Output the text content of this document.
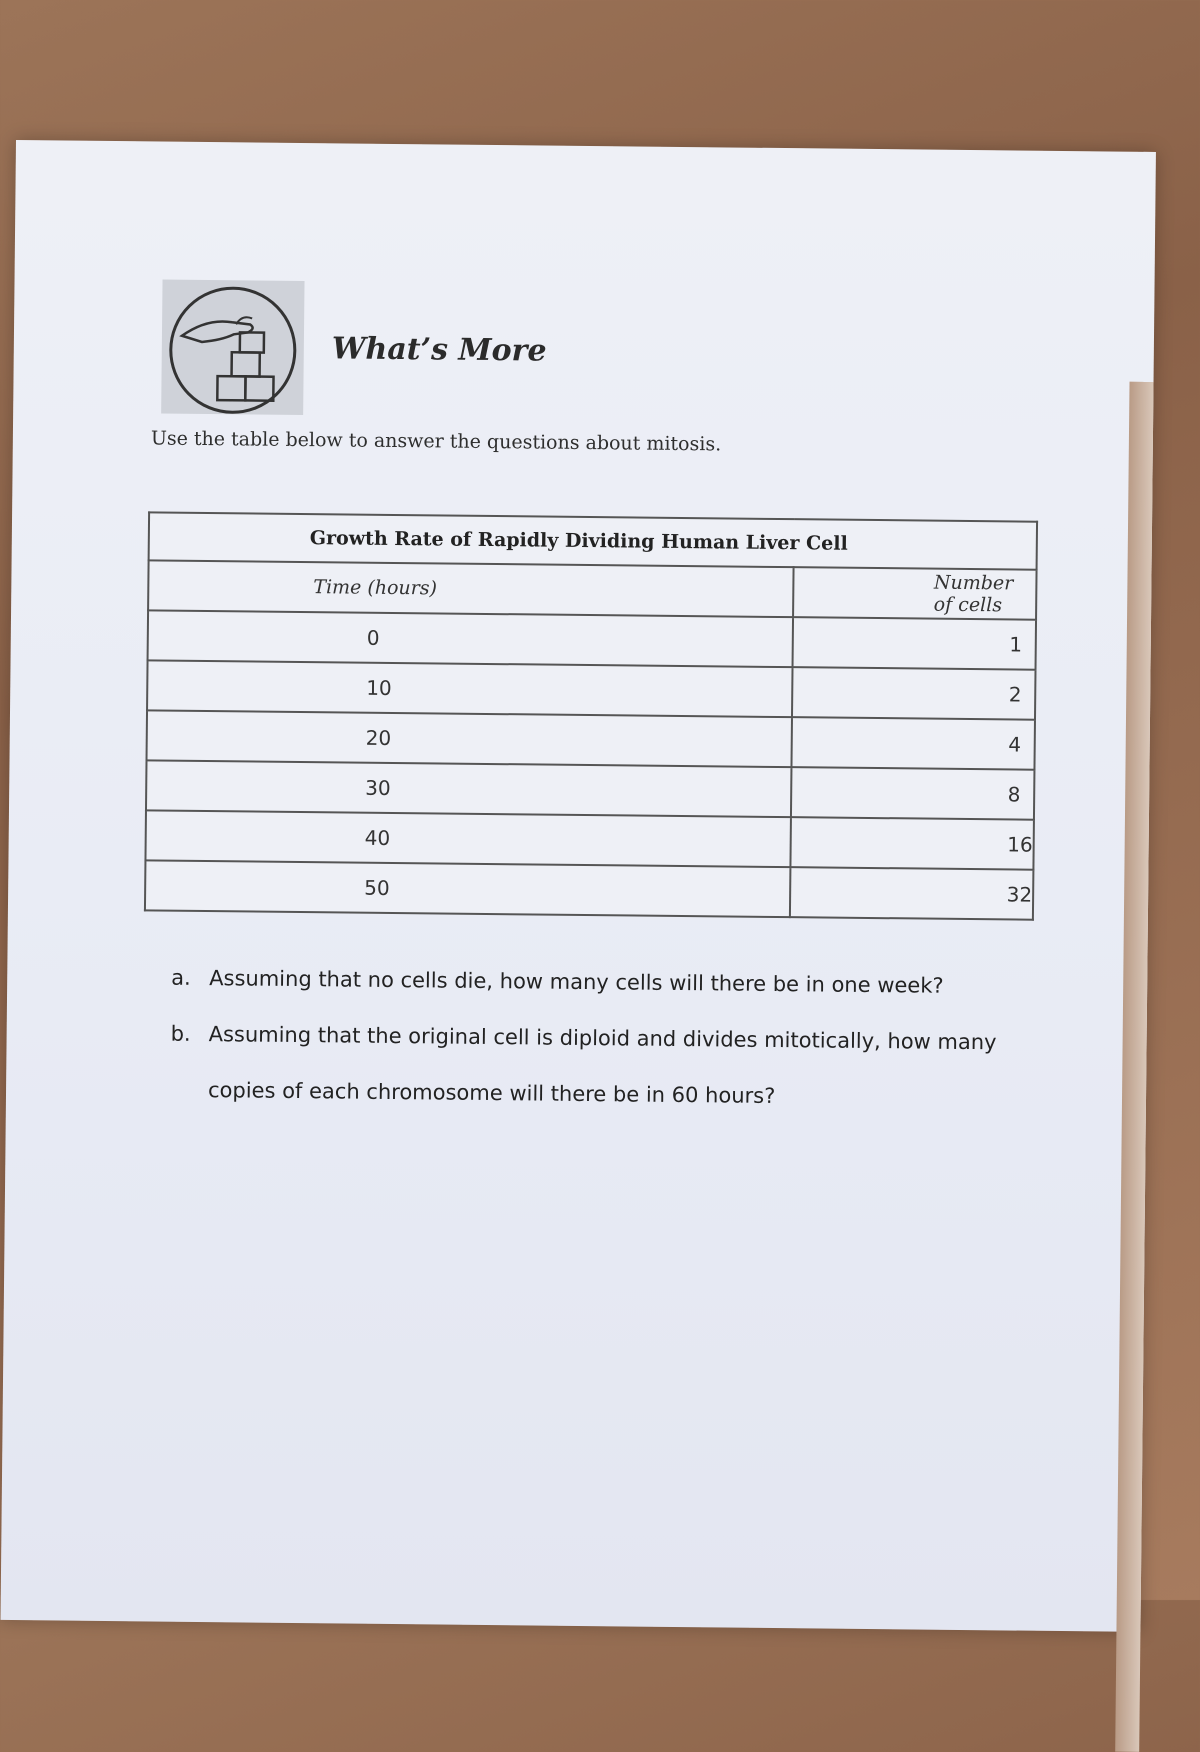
What’s More

Use the table below to answer the questions about mitosis.

Growth Rate of Rapidly Dividing Human Liver Cell	
Time (hours)	Number of cells
0	1
10	2
20	4
30	8
40	16
50	32

a. Assuming that no cells die, how many cells will there be in one week?

b. Assuming that the original cell is diploid and divides mitotically, how many

copies of each chromosome will there be in 60 hours?
